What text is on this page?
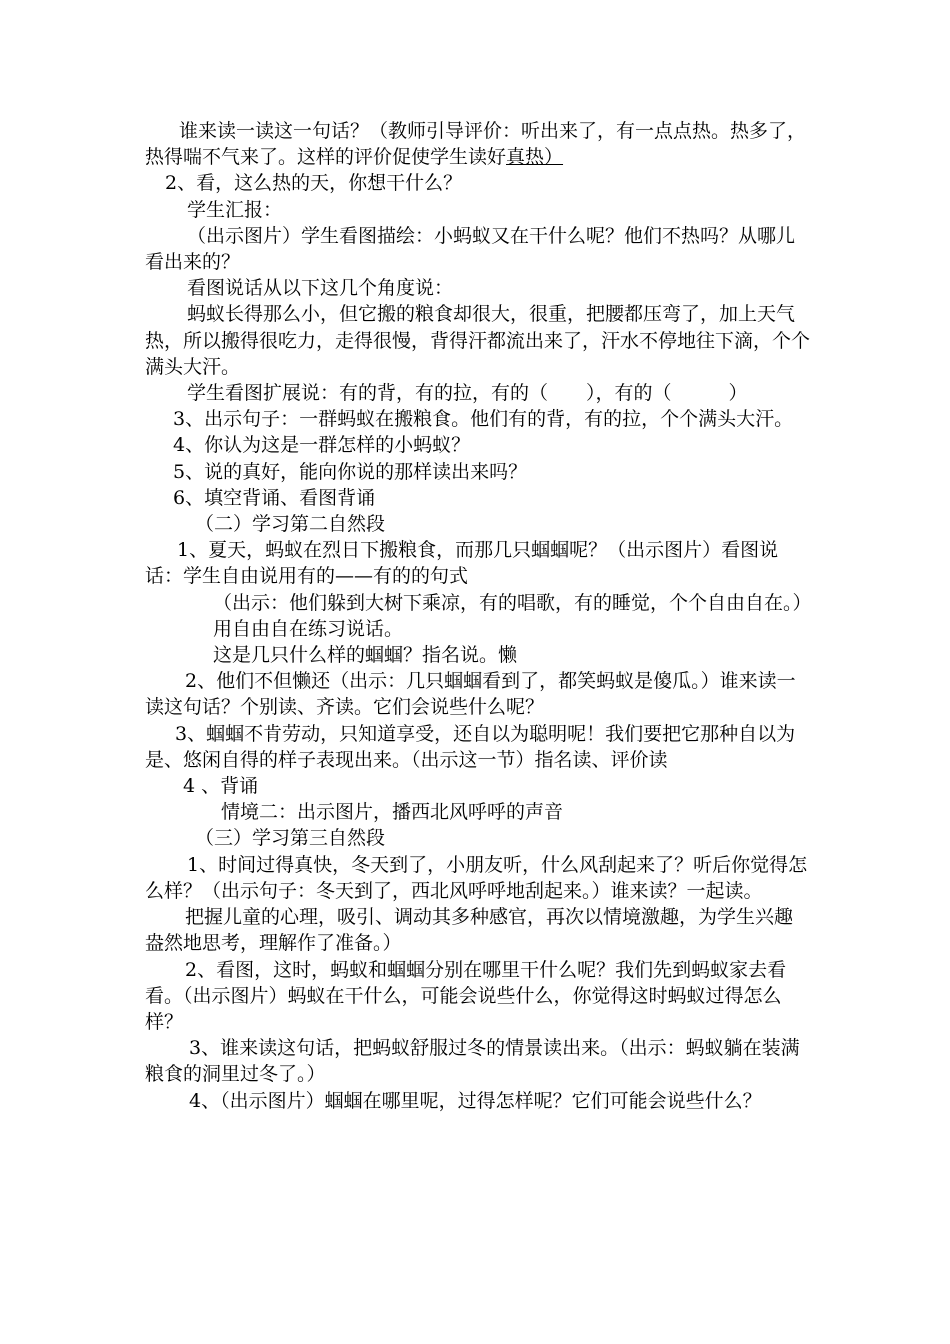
谁来读一读这一句话？（教师引导评价：听出来了，有一点点热。热多了，热得喘不气来了。这样的评价促使学生读好真热）

2、看，这么热的天，你想干什么？

学生汇报：

（出示图片）学生看图描绘：小蚂蚁又在干什么呢？他们不热吗？从哪儿看出来的？

看图说话从以下这几个角度说：

蚂蚁长得那么小，但它搬的粮食却很大，很重，把腰都压弯了，加上天气热，所以搬得很吃力，走得很慢，背得汗都流出来了，汗水不停地往下滴，个个满头大汗。

学生看图扩展说：有的背，有的拉，有的（　　），有的（　　　）

3、出示句子：一群蚂蚁在搬粮食。他们有的背，有的拉，个个满头大汗。

4、你认为这是一群怎样的小蚂蚁？

5、说的真好，能向你说的那样读出来吗？

6、填空背诵、看图背诵

（二）学习第二自然段

1、夏天，蚂蚁在烈日下搬粮食，而那几只蝈蝈呢？（出示图片）看图说话：学生自由说用有的——有的的句式

（出示：他们躲到大树下乘凉，有的唱歌，有的睡觉，个个自由自在。）

用自由自在练习说话。

这是几只什么样的蝈蝈？指名说。懒

2、他们不但懒还（出示：几只蝈蝈看到了，都笑蚂蚁是傻瓜。）谁来读一读这句话？个别读、齐读。它们会说些什么呢？

3、蝈蝈不肯劳动，只知道享受，还自以为聪明呢！我们要把它那种自以为是、悠闲自得的样子表现出来。（出示这一节）指名读、评价读

4 、背诵

情境二：出示图片，播西北风呼呼的声音

（三）学习第三自然段

1、时间过得真快，冬天到了，小朋友听，什么风刮起来了？听后你觉得怎么样？（出示句子：冬天到了，西北风呼呼地刮起来。）谁来读？一起读。

把握儿童的心理，吸引、调动其多种感官，再次以情境激趣，为学生兴趣盎然地思考，理解作了准备。）

2、看图，这时，蚂蚁和蝈蝈分别在哪里干什么呢？我们先到蚂蚁家去看看。（出示图片）蚂蚁在干什么，可能会说些什么，你觉得这时蚂蚁过得怎么样？

3、谁来读这句话，把蚂蚁舒服过冬的情景读出来。（出示：蚂蚁躺在装满粮食的洞里过冬了。）

4、（出示图片）蝈蝈在哪里呢，过得怎样呢？它们可能会说些什么？
